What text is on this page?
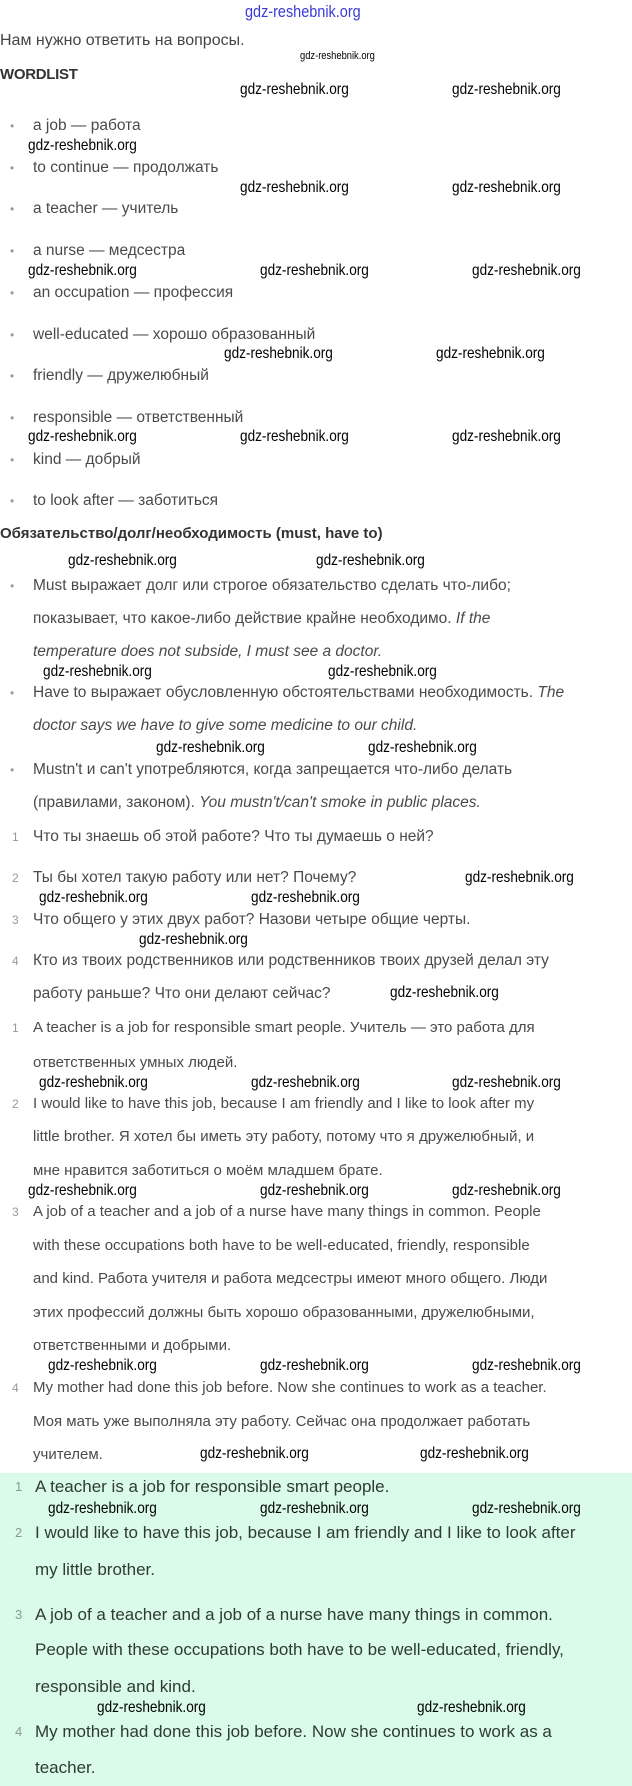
gdz-reshebnik.org
Нам нужно ответить на вопросы.
WORDLIST
Обязательство/долг/необходимость (must, have to)
• Must выражает долг или строгое обязательство сделать что-либо;
показывает, что какое-либо действие крайне необходимо. If the
temperature does not subside, I must see a doctor.
• Have to выражает обусловленную обстоятельствами необходимость. The
doctor says we have to give some medicine to our child.
• Mustn't и can't употребляются, когда запрещается что-либо делать
(правилами, законом). You mustn't/can't smoke in public places.
• a job — работа
• to continue — продолжать
• a teacher — учитель
• a nurse — медсестра
• an occupation — профессия
• well-educated — хорошо образованный
• friendly — дружелюбный
• responsible — ответственный
• kind — добрый
• to look after — заботиться
1 Что ты знаешь об этой работе? Что ты думаешь о ней?
2 Ты бы хотел такую работу или нет? Почему?
3 Что общего у этих двух работ? Назови четыре общие черты.
4 Кто из твоих родственников или родственников твоих друзей делал эту
работу раньше? Что они делают сейчас?
1 A teacher is a job for responsible smart people. Учитель — это работа для
ответственных умных людей.
2 I would like to have this job, because I am friendly and I like to look after my
little brother. Я хотел бы иметь эту работу, потому что я дружелюбный, и
мне нравится заботиться о моём младшем брате.
3 A job of a teacher and a job of a nurse have many things in common. People
with these occupations both have to be well-educated, friendly, responsible
and kind. Работа учителя и работа медсестры имеют много общего. Люди
этих профессий должны быть хорошо образованными, дружелюбными,
ответственными и добрыми.
4 My mother had done this job before. Now she continues to work as a teacher.
Моя мать уже выполняла эту работу. Сейчас она продолжает работать
учителем.
1 A teacher is a job for responsible smart people.
2 I would like to have this job, because I am friendly and I like to look after
my little brother.
3 A job of a teacher and a job of a nurse have many things in common.
People with these occupations both have to be well-educated, friendly,
responsible and kind.
4 My mother had done this job before. Now she continues to work as a
teacher.
gdz-reshebnik.org
gdz-reshebnik.org	gdz-reshebnik.org
gdz-reshebnik.org
gdz-reshebnik.org	gdz-reshebnik.org
gdz-reshebnik.org	gdz-reshebnik.org	gdz-reshebnik.org
gdz-reshebnik.org	gdz-reshebnik.org
gdz-reshebnik.org	gdz-reshebnik.org	gdz-reshebnik.org
gdz-reshebnik.org	gdz-reshebnik.org
gdz-reshebnik.org	gdz-reshebnik.org
gdz-reshebnik.org	gdz-reshebnik.org
gdz-reshebnik.org
gdz-reshebnik.org	gdz-reshebnik.org
gdz-reshebnik.org
gdz-reshebnik.org
gdz-reshebnik.org	gdz-reshebnik.org	gdz-reshebnik.org
gdz-reshebnik.org	gdz-reshebnik.org	gdz-reshebnik.org
gdz-reshebnik.org	gdz-reshebnik.org	gdz-reshebnik.org
gdz-reshebnik.org	gdz-reshebnik.org
gdz-reshebnik.org	gdz-reshebnik.org	gdz-reshebnik.org
gdz-reshebnik.org	gdz-reshebnik.org
